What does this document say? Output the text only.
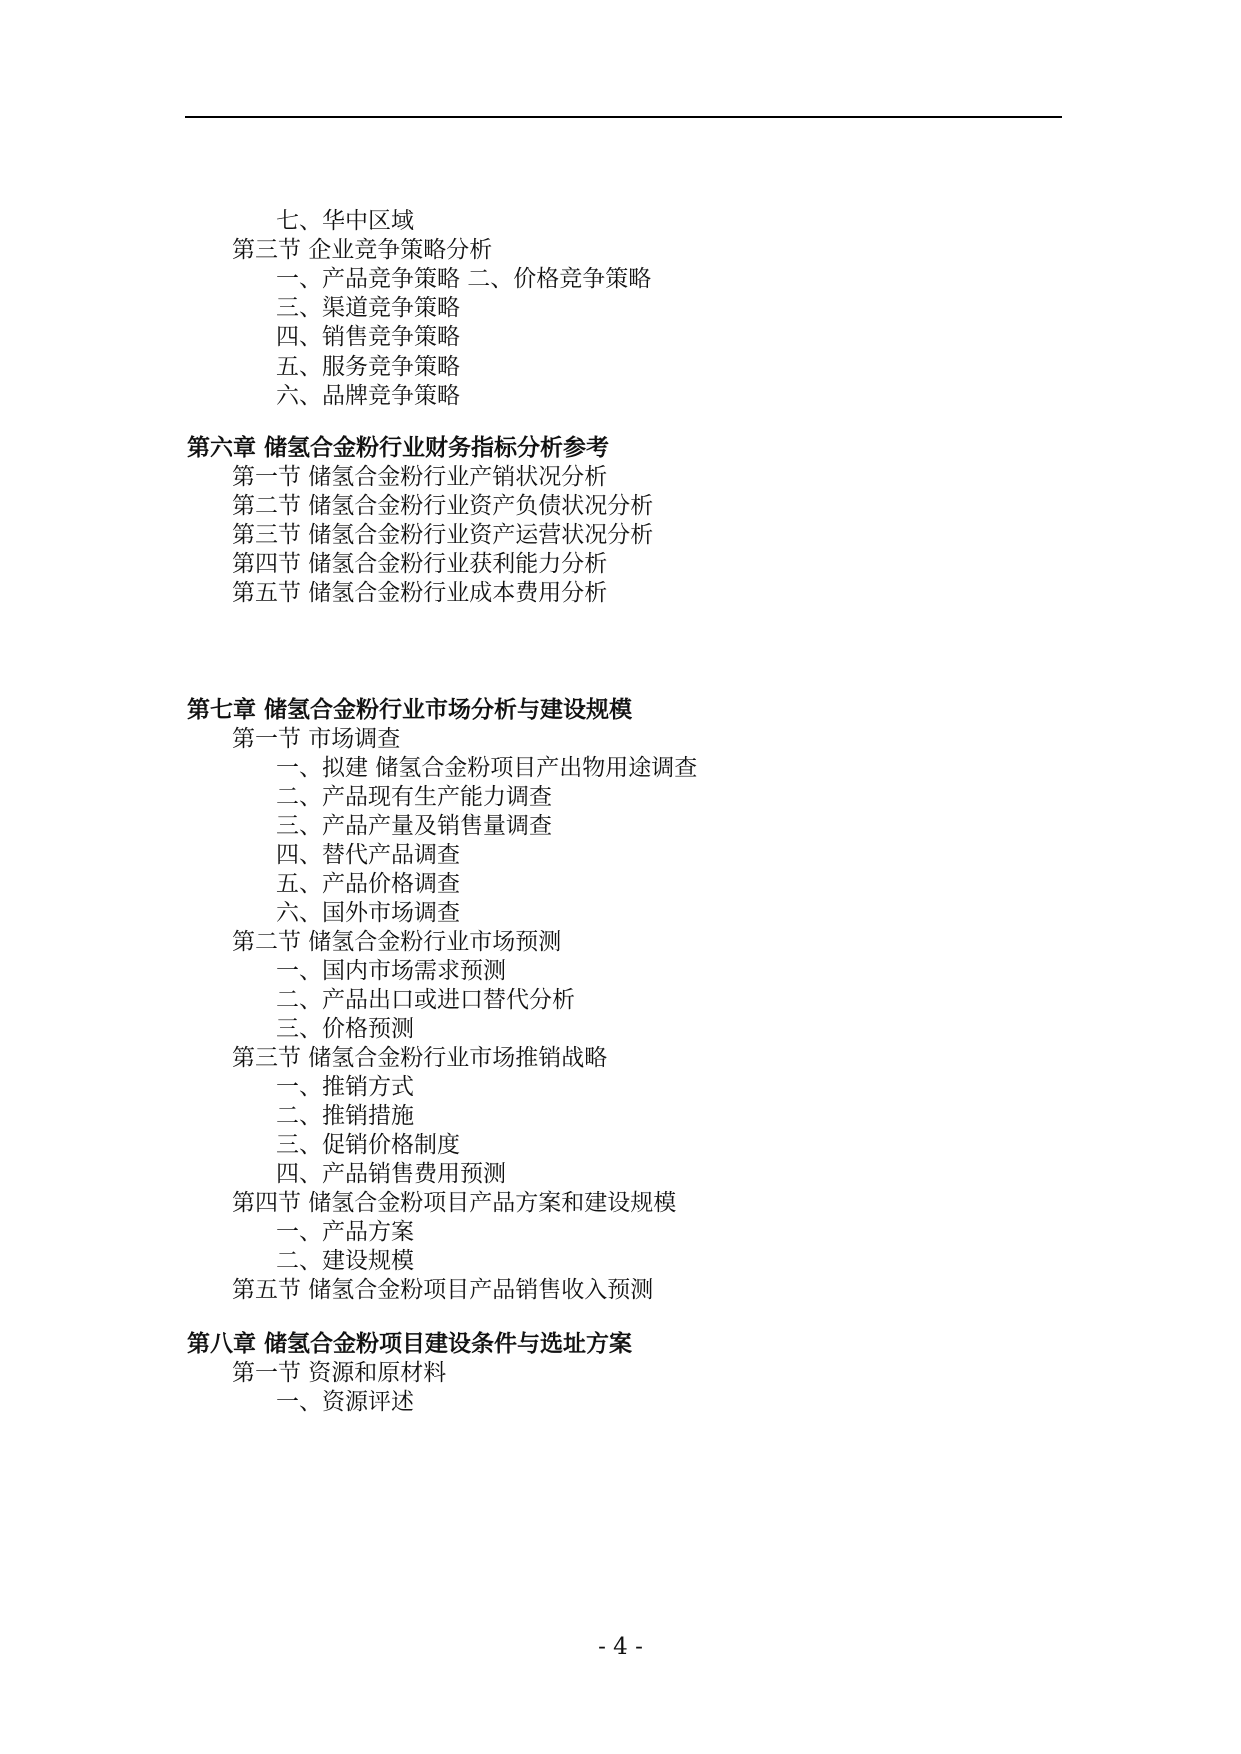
七、华中区域
第三节 企业竞争策略分析
一、产品竞争策略 二、价格竞争策略
三、渠道竞争策略
四、销售竞争策略
五、服务竞争策略
六、品牌竞争策略
第六章 储氢合金粉行业财务指标分析参考
第一节 储氢合金粉行业产销状况分析
第二节 储氢合金粉行业资产负债状况分析
第三节 储氢合金粉行业资产运营状况分析
第四节 储氢合金粉行业获利能力分析
第五节 储氢合金粉行业成本费用分析
第七章 储氢合金粉行业市场分析与建设规模
第一节 市场调查
一、拟建 储氢合金粉项目产出物用途调查
二、产品现有生产能力调查
三、产品产量及销售量调查
四、替代产品调查
五、产品价格调查
六、国外市场调查
第二节 储氢合金粉行业市场预测
一、国内市场需求预测
二、产品出口或进口替代分析
三、价格预测
第三节 储氢合金粉行业市场推销战略
一、推销方式
二、推销措施
三、促销价格制度
四、产品销售费用预测
第四节 储氢合金粉项目产品方案和建设规模
一、产品方案
二、建设规模
第五节 储氢合金粉项目产品销售收入预测
第八章 储氢合金粉项目建设条件与选址方案
第一节 资源和原材料
一、资源评述
- 4 -
